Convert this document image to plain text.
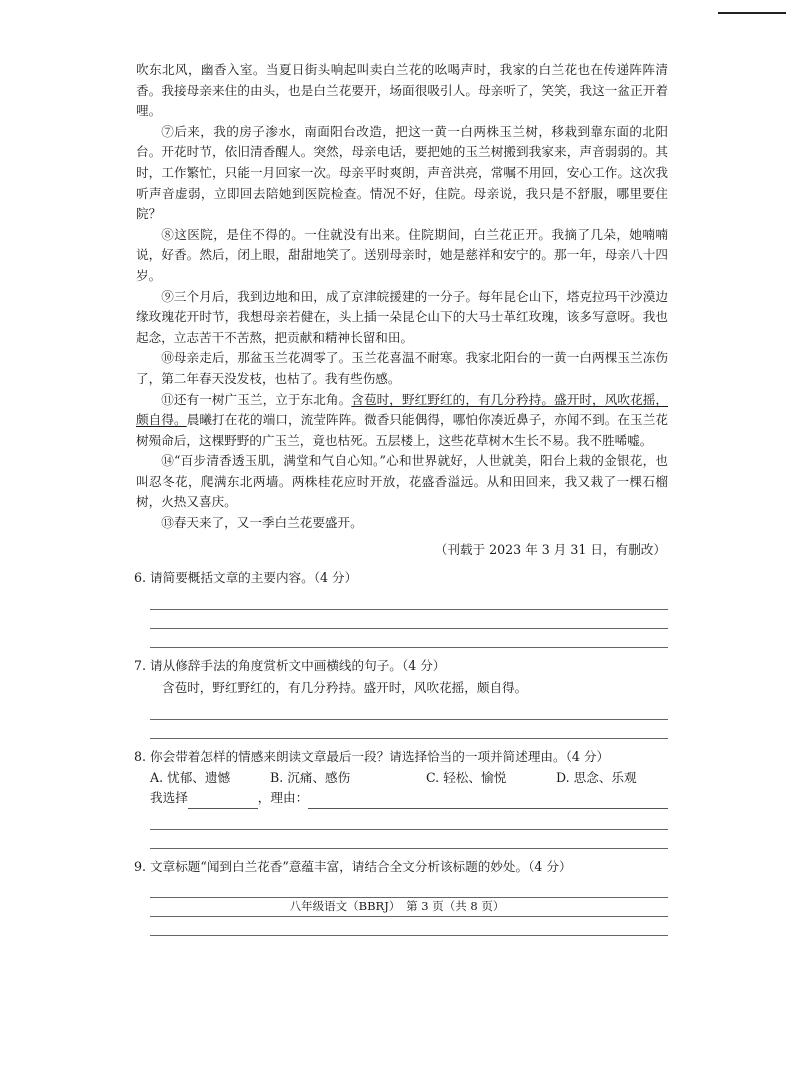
吹东北风，幽香入室。当夏日街头响起叫卖白兰花的吆喝声时，我家的白兰花也在传递阵阵清香。我接母亲来住的由头，也是白兰花要开，场面很吸引人。母亲听了，笑笑，我这一盆正开着哩。

⑦后来，我的房子渗水，南面阳台改造，把这一黄一白两株玉兰树，移栽到靠东面的北阳台。开花时节，依旧清香醒人。突然，母亲电话，要把她的玉兰树搬到我家来，声音弱弱的。其时，工作繁忙，只能一月回家一次。母亲平时爽朗，声音洪亮，常嘱不用回，安心工作。这次我听声音虚弱，立即回去陪她到医院检查。情况不好，住院。母亲说，我只是不舒服，哪里要住院？

⑧这医院，是住不得的。一住就没有出来。住院期间，白兰花正开。我摘了几朵，她喃喃说，好香。然后，闭上眼，甜甜地笑了。送别母亲时，她是慈祥和安宁的。那一年，母亲八十四岁。

⑨三个月后，我到边地和田，成了京津皖援建的一分子。每年昆仑山下，塔克拉玛干沙漠边缘玫瑰花开时节，我想母亲若健在，头上插一朵昆仑山下的大马士革红玫瑰，该多写意呀。我也起念，立志苦干不苦熬，把贡献和精神长留和田。

⑩母亲走后，那盆玉兰花凋零了。玉兰花喜温不耐寒。我家北阳台的一黄一白两棵玉兰冻伤了，第二年春天没发枝，也枯了。我有些伤感。

⑪还有一树广玉兰，立于东北角。含苞时，野红野红的，有几分矜持。盛开时，风吹花摇，颇自得。晨曦打在花的端口，流莹阵阵。微香只能偶得，哪怕你凑近鼻子，亦闻不到。在玉兰花树殒命后，这棵野野的广玉兰，竟也枯死。五层楼上，这些花草树木生长不易。我不胜唏嘘。

⑭“百步清香透玉肌，满堂和气自心知。”心和世界就好，人世就美，阳台上栽的金银花，也叫忍冬花，爬满东北两墙。两株桂花应时开放，花盛香溢远。从和田回来，我又栽了一棵石榴树，火热又喜庆。

⑬春天来了，又一季白兰花要盛开。

（刊载于 2023 年 3 月 31 日，有删改）
6. 请简要概括文章的主要内容。（4 分）
7. 请从修辞手法的角度赏析文中画横线的句子。（4 分）
含苞时，野红野红的，有几分矜持。盛开时，风吹花摇，颇自得。
8. 你会带着怎样的情感来朗读文章最后一段？请选择恰当的一项并简述理由。（4 分）
A. 忧郁、遗憾	B. 沉痛、感伤	C. 轻松、愉悦	D. 思念、乐观
我选择	，理由：
9. 文章标题“闻到白兰花香”意蕴丰富，请结合全文分析该标题的妙处。（4 分）
八年级语文（BBRJ）　第 3 页（共 8 页）
